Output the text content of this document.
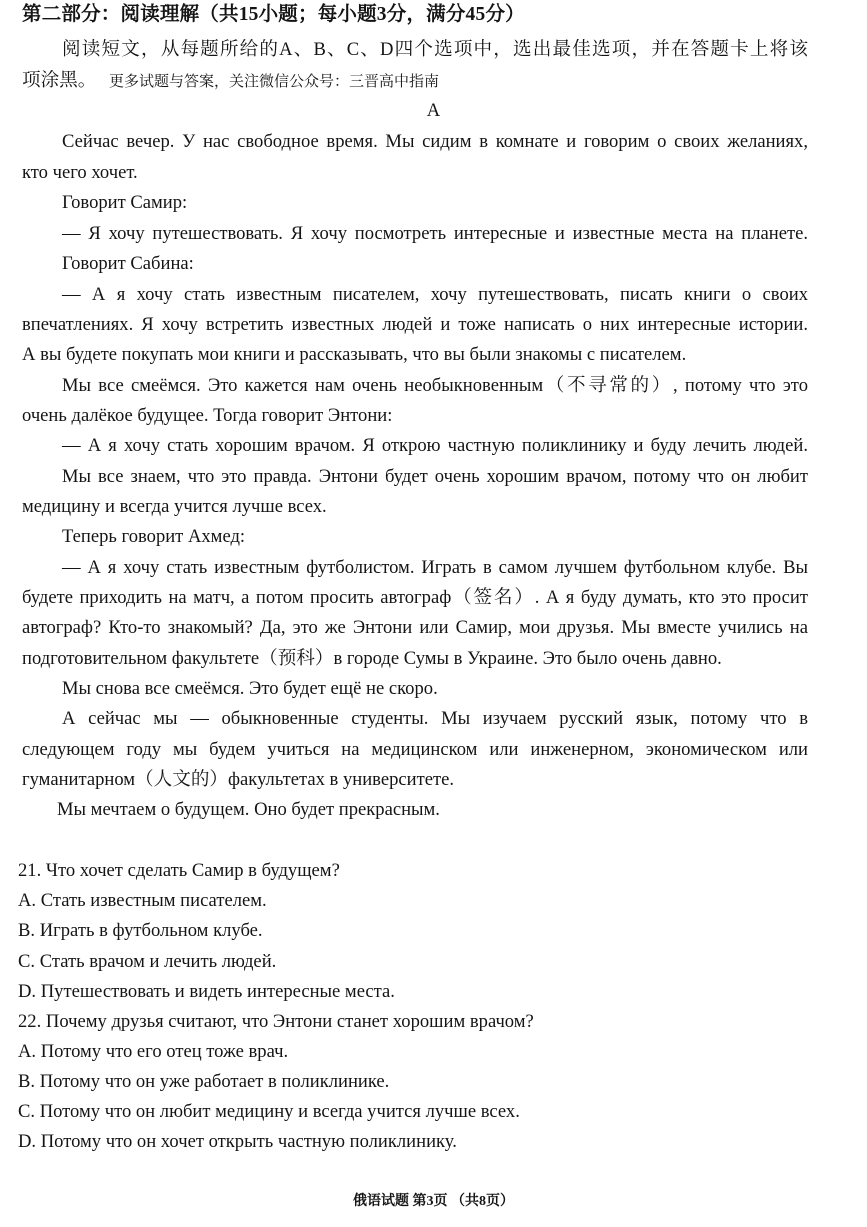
第二部分：阅读理解（共15小题；每小题3分，满分45分）
阅读短文，从每题所给的A、B、C、D四个选项中，选出最佳选项，并在答题卡上将该
项涂黑。 更多试题与答案，关注微信公众号：三晋高中指南
A
Сейчас вечер. У нас свободное время. Мы сидим в комнате и говорим о своих желаниях,
кто чего хочет.
Говорит Самир:
— Я хочу путешествовать. Я хочу посмотреть интересные и известные места на планете.
Говорит Сабина:
— А я хочу стать известным писателем, хочу путешествовать, писать книги о своих
впечатлениях. Я хочу встретить известных людей и тоже написать о них интересные истории.
А вы будете покупать мои книги и рассказывать, что вы были знакомы с писателем.
Мы все смеёмся. Это кажется нам очень необыкновенным（不寻常的）, потому что это
очень далёкое будущее. Тогда говорит Энтони:
— А я хочу стать хорошим врачом. Я открою частную поликлинику и буду лечить людей.
Мы все знаем, что это правда. Энтони будет очень хорошим врачом, потому что он любит
медицину и всегда учится лучше всех.
Теперь говорит Ахмед:
— А я хочу стать известным футболистом. Играть в самом лучшем футбольном клубе. Вы
будете приходить на матч, а потом просить автограф（签名）. А я буду думать, кто это просит
автограф? Кто-то знакомый? Да, это же Энтони или Самир, мои друзья. Мы вместе учились на
подготовительном факультете（预科）в городе Сумы в Украине. Это было очень давно.
Мы снова все смеёмся. Это будет ещё не скоро.
А сейчас мы — обыкновенные студенты. Мы изучаем русский язык, потому что в
следующем году мы будем учиться на медицинском или инженерном, экономическом или
гуманитарном（人文的）факультетах в университете.
Мы мечтаем о будущем. Оно будет прекрасным.
21. Что хочет сделать Самир в будущем?
A. Стать известным писателем.
B. Играть в футбольном клубе.
C. Стать врачом и лечить людей.
D. Путешествовать и видеть интересные места.
22. Почему друзья считают, что Энтони станет хорошим врачом?
A. Потому что его отец тоже врач.
B. Потому что он уже работает в поликлинике.
C. Потому что он любит медицину и всегда учится лучше всех.
D. Потому что он хочет открыть частную поликлинику.
俄语试题 第3页 （共8页）
